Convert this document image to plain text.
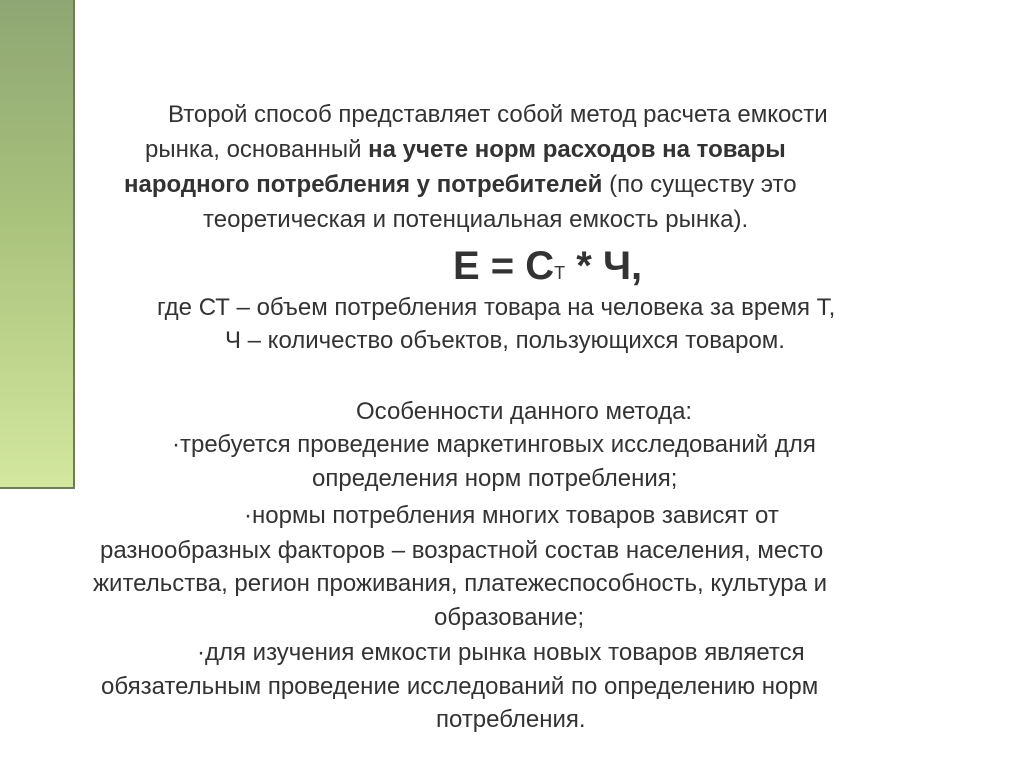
Второй способ представляет собой метод расчета емкости
рынка, основанный на учете норм расходов на товары
народного потребления у потребителей (по существу это
теоретическая и потенциальная емкость рынка).
Е = СТ * Ч,
где СТ – объем потребления товара на человека за время Т,
Ч – количество объектов, пользующихся товаром.
Особенности данного метода:
·требуется проведение маркетинговых исследований для
определения норм потребления;
·нормы потребления многих товаров зависят от
разнообразных факторов – возрастной состав населения, место
жительства, регион проживания, платежеспособность, культура и
образование;
·для изучения емкости рынка новых товаров является
обязательным проведение исследований по определению норм
потребления.
